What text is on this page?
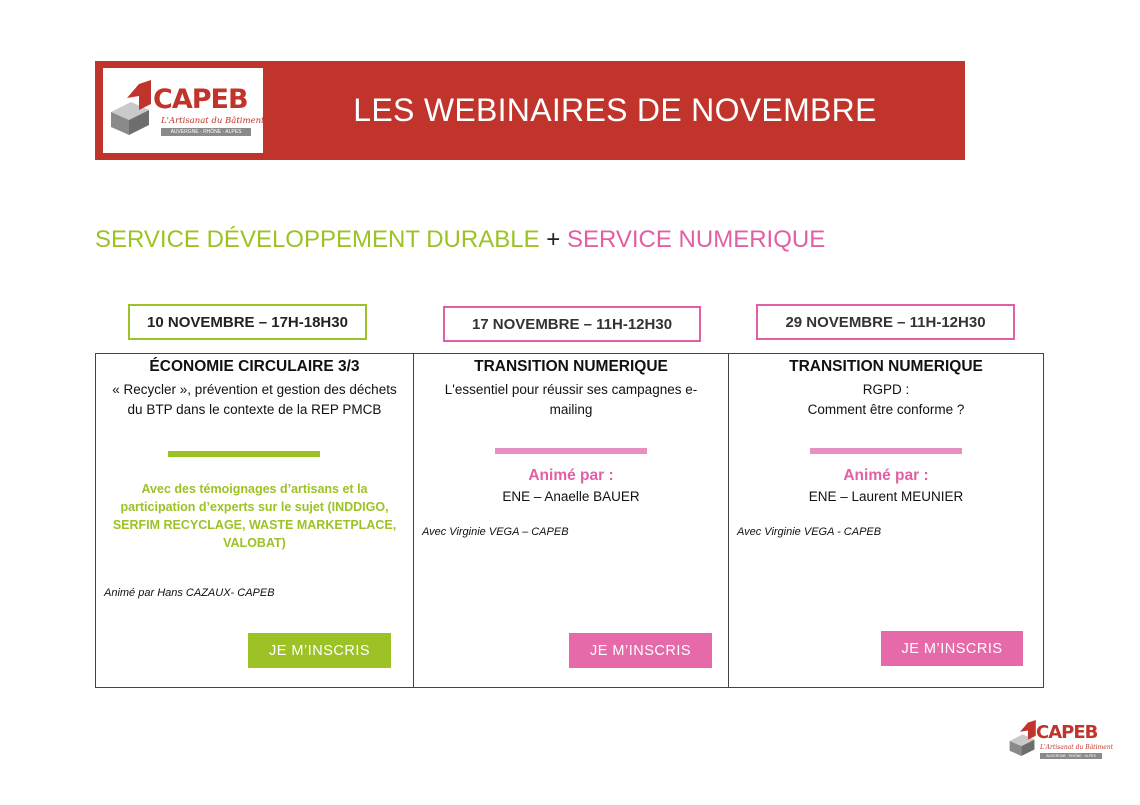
CAPEB
L'Artisanat du Bâtiment
AUVERGNE · RHÔNE · ALPES
LES WEBINAIRES DE NOVEMBRE
SERVICE DÉVELOPPEMENT DURABLE + SERVICE NUMERIQUE
10 NOVEMBRE – 17H-18H30	17 NOVEMBRE – 11H-12H30	29 NOVEMBRE – 11H-12H30
ÉCONOMIE CIRCULAIRE 3/3
« Recycler », prévention et gestion des déchets du BTP dans le contexte de la REP PMCB
Avec des témoignages d’artisans et la participation d’experts sur le sujet (INDDIGO, SERFIM RECYCLAGE, WASTE MARKETPLACE, VALOBAT)
Animé par Hans CAZAUX- CAPEB
JE M’INSCRIS
TRANSITION NUMERIQUE
L'essentiel pour réussir ses campagnes e-mailing
Animé par :
ENE – Anaelle BAUER
Avec Virginie VEGA – CAPEB
JE M’INSCRIS
TRANSITION NUMERIQUE
RGPD :
Comment être conforme ?
Animé par :
ENE – Laurent MEUNIER
Avec Virginie VEGA - CAPEB
JE M’INSCRIS
CAPEB
L'Artisanat du Bâtiment
AUVERGNE · RHÔNE · ALPES
